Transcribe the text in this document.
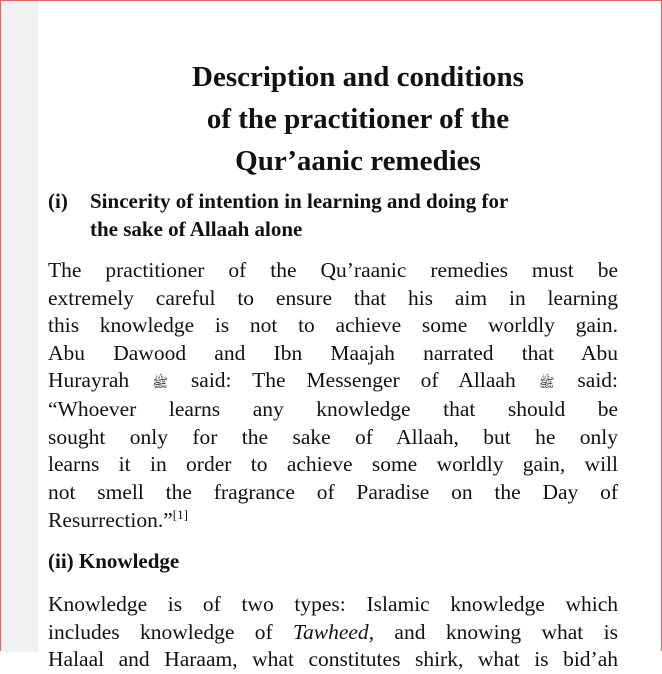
Description and conditions
of the practitioner of the
Qur’aanic remedies
(i) Sincerity of intention in learning and doing for
the sake of Allaah alone
The practitioner of the Qu’raanic remedies must be
extremely careful to ensure that his aim in learning
this knowledge is not to achieve some worldly gain.
Abu Dawood and Ibn Maajah narrated that Abu
Hurayrah ﷺ said: The Messenger of Allaah ﷺ said:
“Whoever learns any knowledge that should be
sought only for the sake of Allaah, but he only
learns it in order to achieve some worldly gain, will
not smell the fragrance of Paradise on the Day of
Resurrection.”[1]
(ii) Knowledge
Knowledge is of two types: Islamic knowledge which
includes knowledge of Tawheed, and knowing what is
Halaal and Haraam, what constitutes shirk, what is bid’ah
